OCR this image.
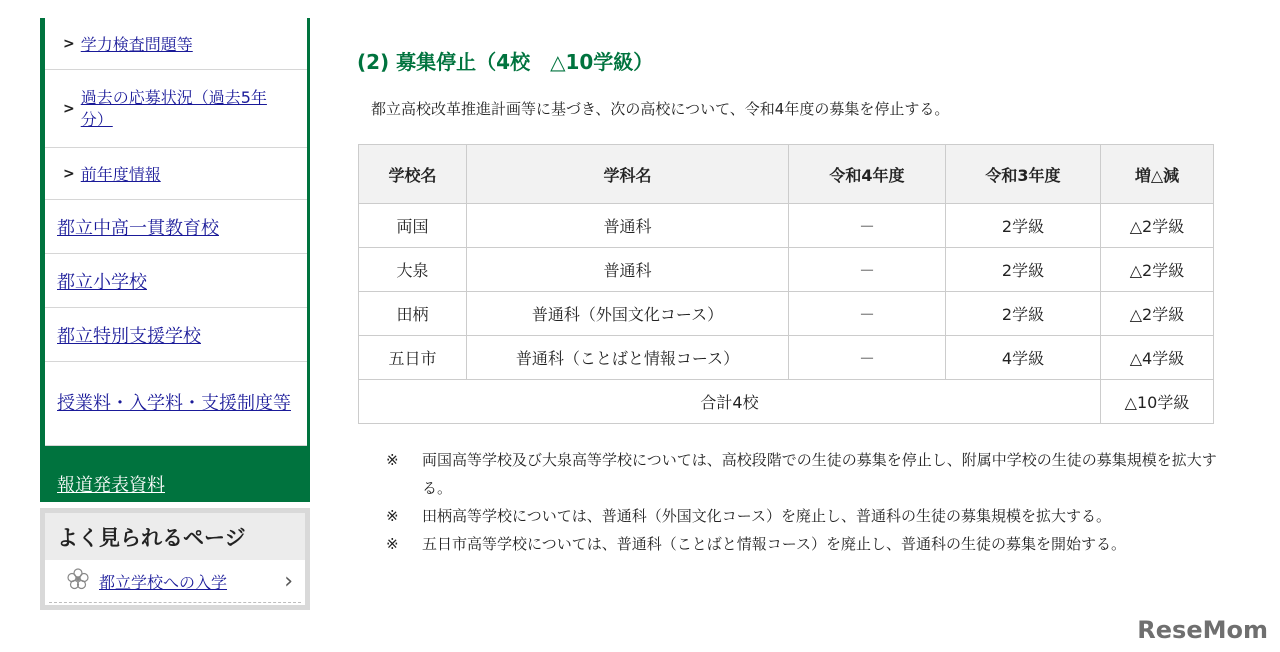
> 学力検査問題等
>
過去の応募状況（過去5年分）
> 前年度情報
都立中高一貫教育校
都立小学校
都立特別支援学校
授業料・入学料・支援制度等
報道発表資料
よく見られるページ
都立学校への入学	›
(2) 募集停止（4校　△10学級）

都立高校改革推進計画等に基づき、次の高校について、令和4年度の募集を停止する。

学校名	学科名	令和4年度	令和3年度	増△減
両国	普通科	－	2学級	△2学級
大泉	普通科	－	2学級	△2学級
田柄	普通科（外国文化コース）	－	2学級	△2学級
五日市	普通科（ことばと情報コース）	－	4学級	△4学級
合計4校				△10学級
※	両国高等学校及び大泉高等学校については、高校段階での生徒の募集を停止し、附属中学校の生徒の募集規模を拡大する。
※	田柄高等学校については、普通科（外国文化コース）を廃止し、普通科の生徒の募集規模を拡大する。
※	五日市高等学校については、普通科（ことばと情報コース）を廃止し、普通科の生徒の募集を開始する。
ReseMom
